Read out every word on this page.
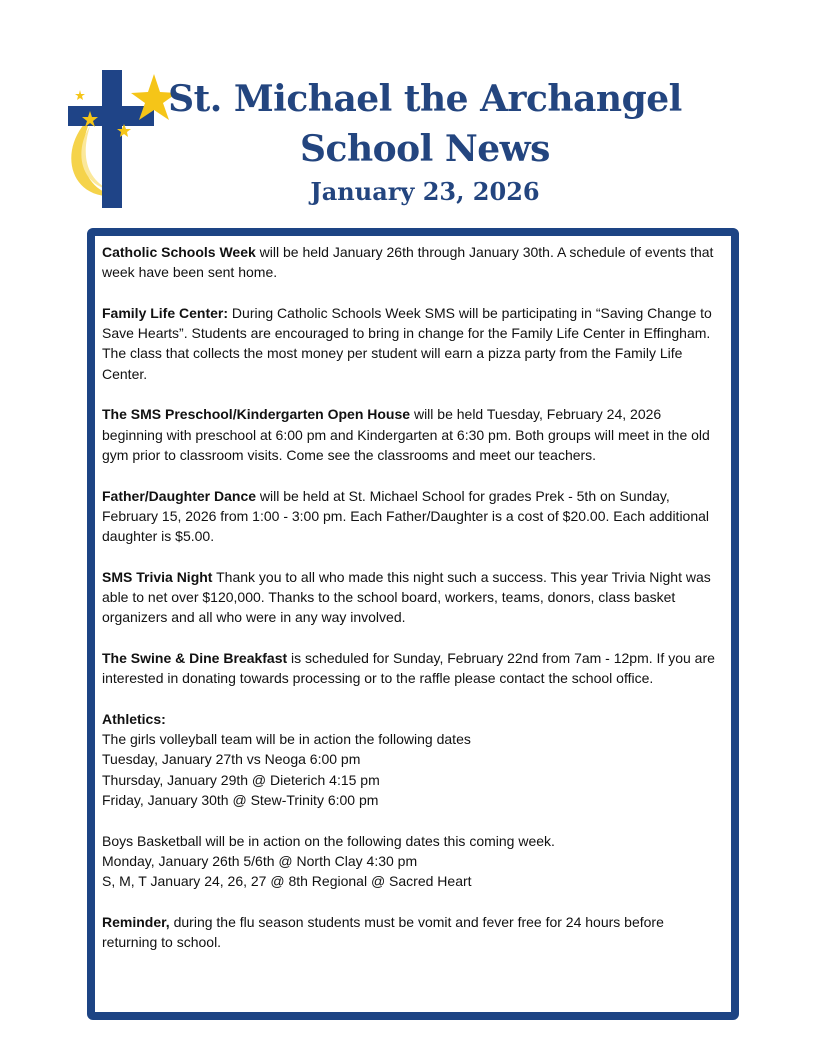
St. Michael the Archangel
School News
January 23, 2026

Catholic Schools Week will be held January 26th through January 30th. A schedule of events that week have been sent home.

Family Life Center: During Catholic Schools Week SMS will be participating in “Saving Change to Save Hearts”. Students are encouraged to bring in change for the Family Life Center in Effingham. The class that collects the most money per student will earn a pizza party from the Family Life Center.

The SMS Preschool/Kindergarten Open House will be held Tuesday, February 24, 2026 beginning with preschool at 6:00 pm and Kindergarten at 6:30 pm. Both groups will meet in the old gym prior to classroom visits. Come see the classrooms and meet our teachers.

Father/Daughter Dance will be held at St. Michael School for grades Prek - 5th on Sunday, February 15, 2026 from 1:00 - 3:00 pm. Each Father/Daughter is a cost of $20.00. Each additional daughter is $5.00.

SMS Trivia Night Thank you to all who made this night such a success. This year Trivia Night was able to net over $120,000. Thanks to the school board, workers, teams, donors, class basket organizers and all who were in any way involved.

The Swine & Dine Breakfast is scheduled for Sunday, February 22nd from 7am - 12pm. If you are interested in donating towards processing or to the raffle please contact the school office.

Athletics:
The girls volleyball team will be in action the following dates
Tuesday, January 27th vs Neoga 6:00 pm
Thursday, January 29th @ Dieterich 4:15 pm
Friday, January 30th @ Stew-Trinity 6:00 pm

Boys Basketball will be in action on the following dates this coming week.
Monday, January 26th 5/6th @ North Clay 4:30 pm
S, M, T January 24, 26, 27 @ 8th Regional @ Sacred Heart

Reminder, during the flu season students must be vomit and fever free for 24 hours before returning to school.
